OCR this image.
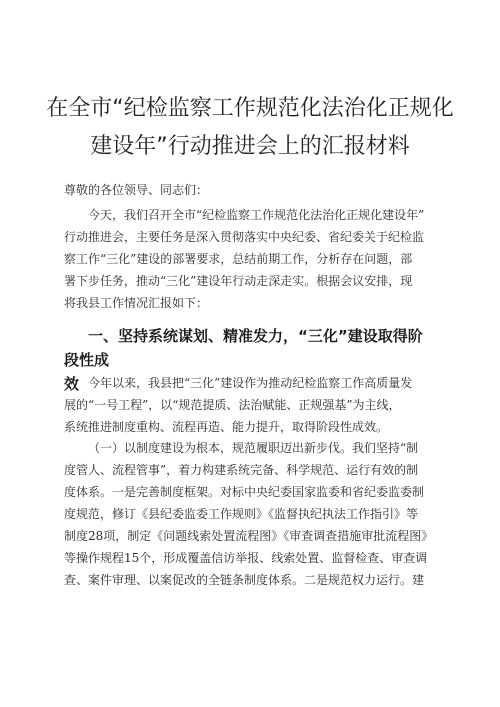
在全市“纪检监察工作规范化法治化正规化
建设年”行动推进会上的汇报材料

尊敬的各位领导、同志们：

今天，我们召开全市“纪检监察工作规范化法治化正规化建设年”
行动推进会，主要任务是深入贯彻落实中央纪委、省纪委关于纪检监
察工作“三化”建设的部署要求，总结前期工作，分析存在问题，部
署下步任务，推动“三化”建设年行动走深走实。根据会议安排，现
将我县工作情况汇报如下：

一、坚持系统谋划、精准发力，“三化”建设取得阶段性成
效 今年以来，我县把“三化”建设作为推动纪检监察工作高质量发
展的“一号工程”，以“规范提质、法治赋能、正规强基”为主线，
系统推进制度重构、流程再造、能力提升，取得阶段性成效。

（一）以制度建设为根本，规范履职迈出新步伐。我们坚持“制
度管人、流程管事”，着力构建系统完备、科学规范、运行有效的制
度体系。一是完善制度框架。对标中央纪委国家监委和省纪委监委制
度规范，修订《县纪委监委工作规则》《监督执纪执法工作指引》等
制度28项，制定《问题线索处置流程图》《审查调查措施审批流程图》
等操作规程15个，形成覆盖信访举报、线索处置、监督检查、审查调
查、案件审理、以案促改的全链条制度体系。二是规范权力运行。建
